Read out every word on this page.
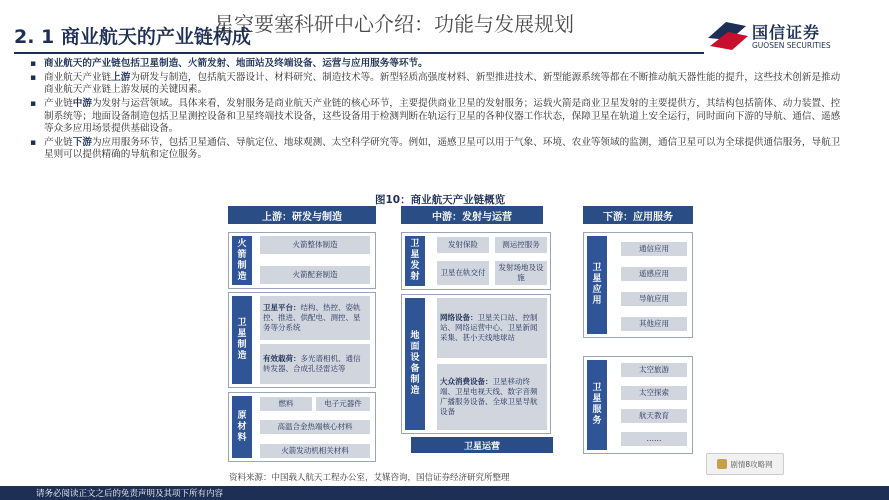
2. 1 商业航天的产业链构成
星空要塞科研中心介绍：功能与发展规划	国信证券
GUOSEN SECURITIES
▪ 商业航天的产业链包括卫星制造、火箭发射、地面站及终端设备、运营与应用服务等环节。
▪ 商业航天产业链上游为研发与制造，包括航天器设计、材料研究、制造技术等。新型轻质高强度材料、新型推进技术、新型能源系统等都在不断推动航天器性能的提升，这些技术创新是推动商业航天产业链上游发展的关键因素。
▪ 产业链中游为发射与运营领域。具体来看，发射服务是商业航天产业链的核心环节，主要提供商业卫星的发射服务；运载火箭是商业卫星发射的主要提供方，其结构包括箭体、动力装置、控制系统等；地面设备制造包括卫星测控设备和卫星终端技术设备，这些设备用于检测判断在轨运行卫星的各种仪器工作状态，保障卫星在轨道上安全运行，同时面向下游的导航、通信、遥感等众多应用场景提供基础设备。
▪ 产业链下游为应用服务环节，包括卫星通信、导航定位、地球观测、太空科学研究等。例如，遥感卫星可以用于气象、环境、农业等领域的监测，通信卫星可以为全球提供通信服务，导航卫星则可以提供精确的导航和定位服务。
图10：商业航天产业链概览
上游：研发与制造	中游：发射与运营	下游：应用服务
火箭制造
火箭整体制造
火箭配套制造
卫星制造
卫星平台：结构、热控、姿轨控、推进、供配电、测控、星务等分系统
有效载荷：多光谱相机、通信转发器、合成孔径雷达等
原材料
燃料	电子元器件
高温合金热端核心材料
火箭发动机相关材料
卫星发射
发射保险	测运控服务
卫星在轨交付
发射场地及设施
地面设备制造
网络设备：卫星关口站、控制站、网络运营中心、卫星新闻采集、甚小天线地球站
大众消费设备：卫星移动终端、卫星电视天线、数字音频广播服务设备、全球卫星导航设备
卫星应用
通信应用
遥感应用
导航应用
其他应用
卫星服务
太空旅游
太空探索
航天教育
……
卫星运营
资料来源：中国载人航天工程办公室，艾媒咨询，国信证券经济研究所整理
剧情8攻略网
请务必阅读正文之后的免责声明及其项下所有内容
